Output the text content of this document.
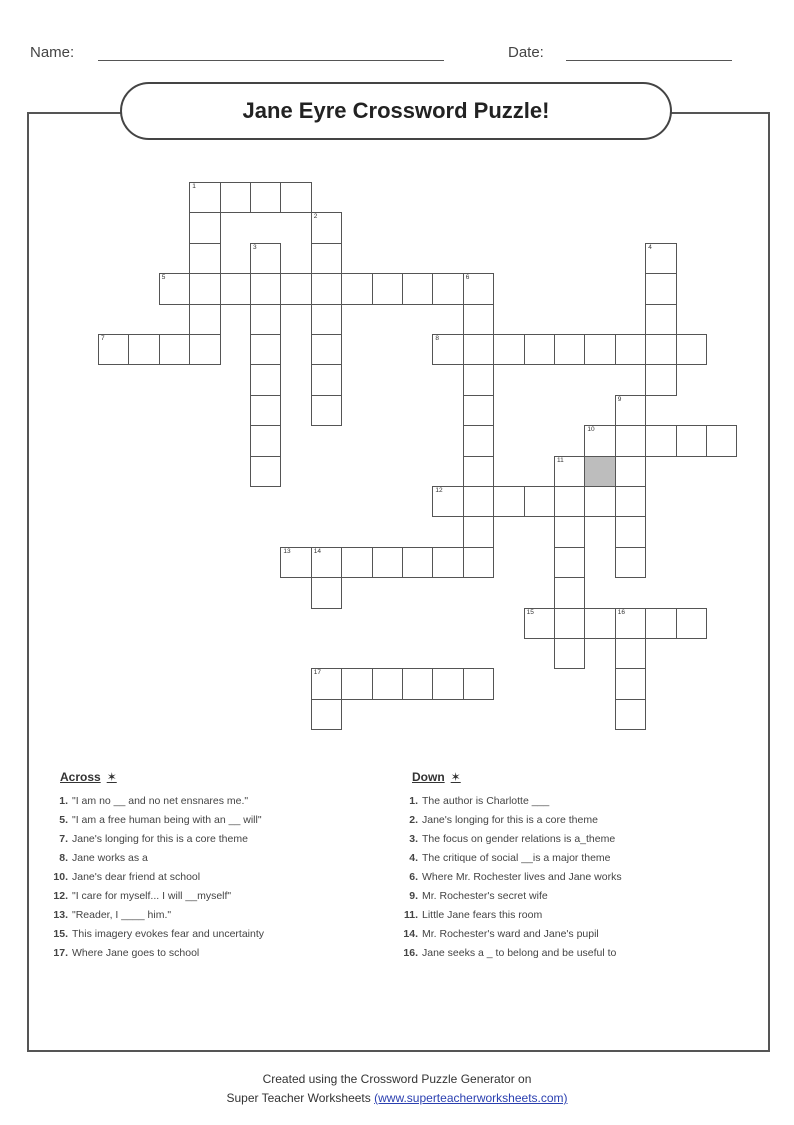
Name:	Date:
Jane Eyre Crossword Puzzle!
1
2
3	4
5	6
7	8
9
10
11
12
13	14
15	16
17
Across ✶
1. "I am no __ and no net ensnares me."
5. "I am a free human being with an __ will"
7. Jane's longing for this is a core theme
8. Jane works as a
10. Jane's dear friend at school
12. "I care for myself... I will __myself"
13. "Reader, I ____ him."
15. This imagery evokes fear and uncertainty
17. Where Jane goes to school
Down ✶
1. The author is Charlotte ___
2. Jane's longing for this is a core theme
3. The focus on gender relations is a_theme
4. The critique of social __is a major theme
6. Where Mr. Rochester lives and Jane works
9. Mr. Rochester's secret wife
11. Little Jane fears this room
14. Mr. Rochester's ward and Jane's pupil
16. Jane seeks a _ to belong and be useful to
Created using the Crossword Puzzle Generator on
Super Teacher Worksheets (www.superteacherworksheets.com)
